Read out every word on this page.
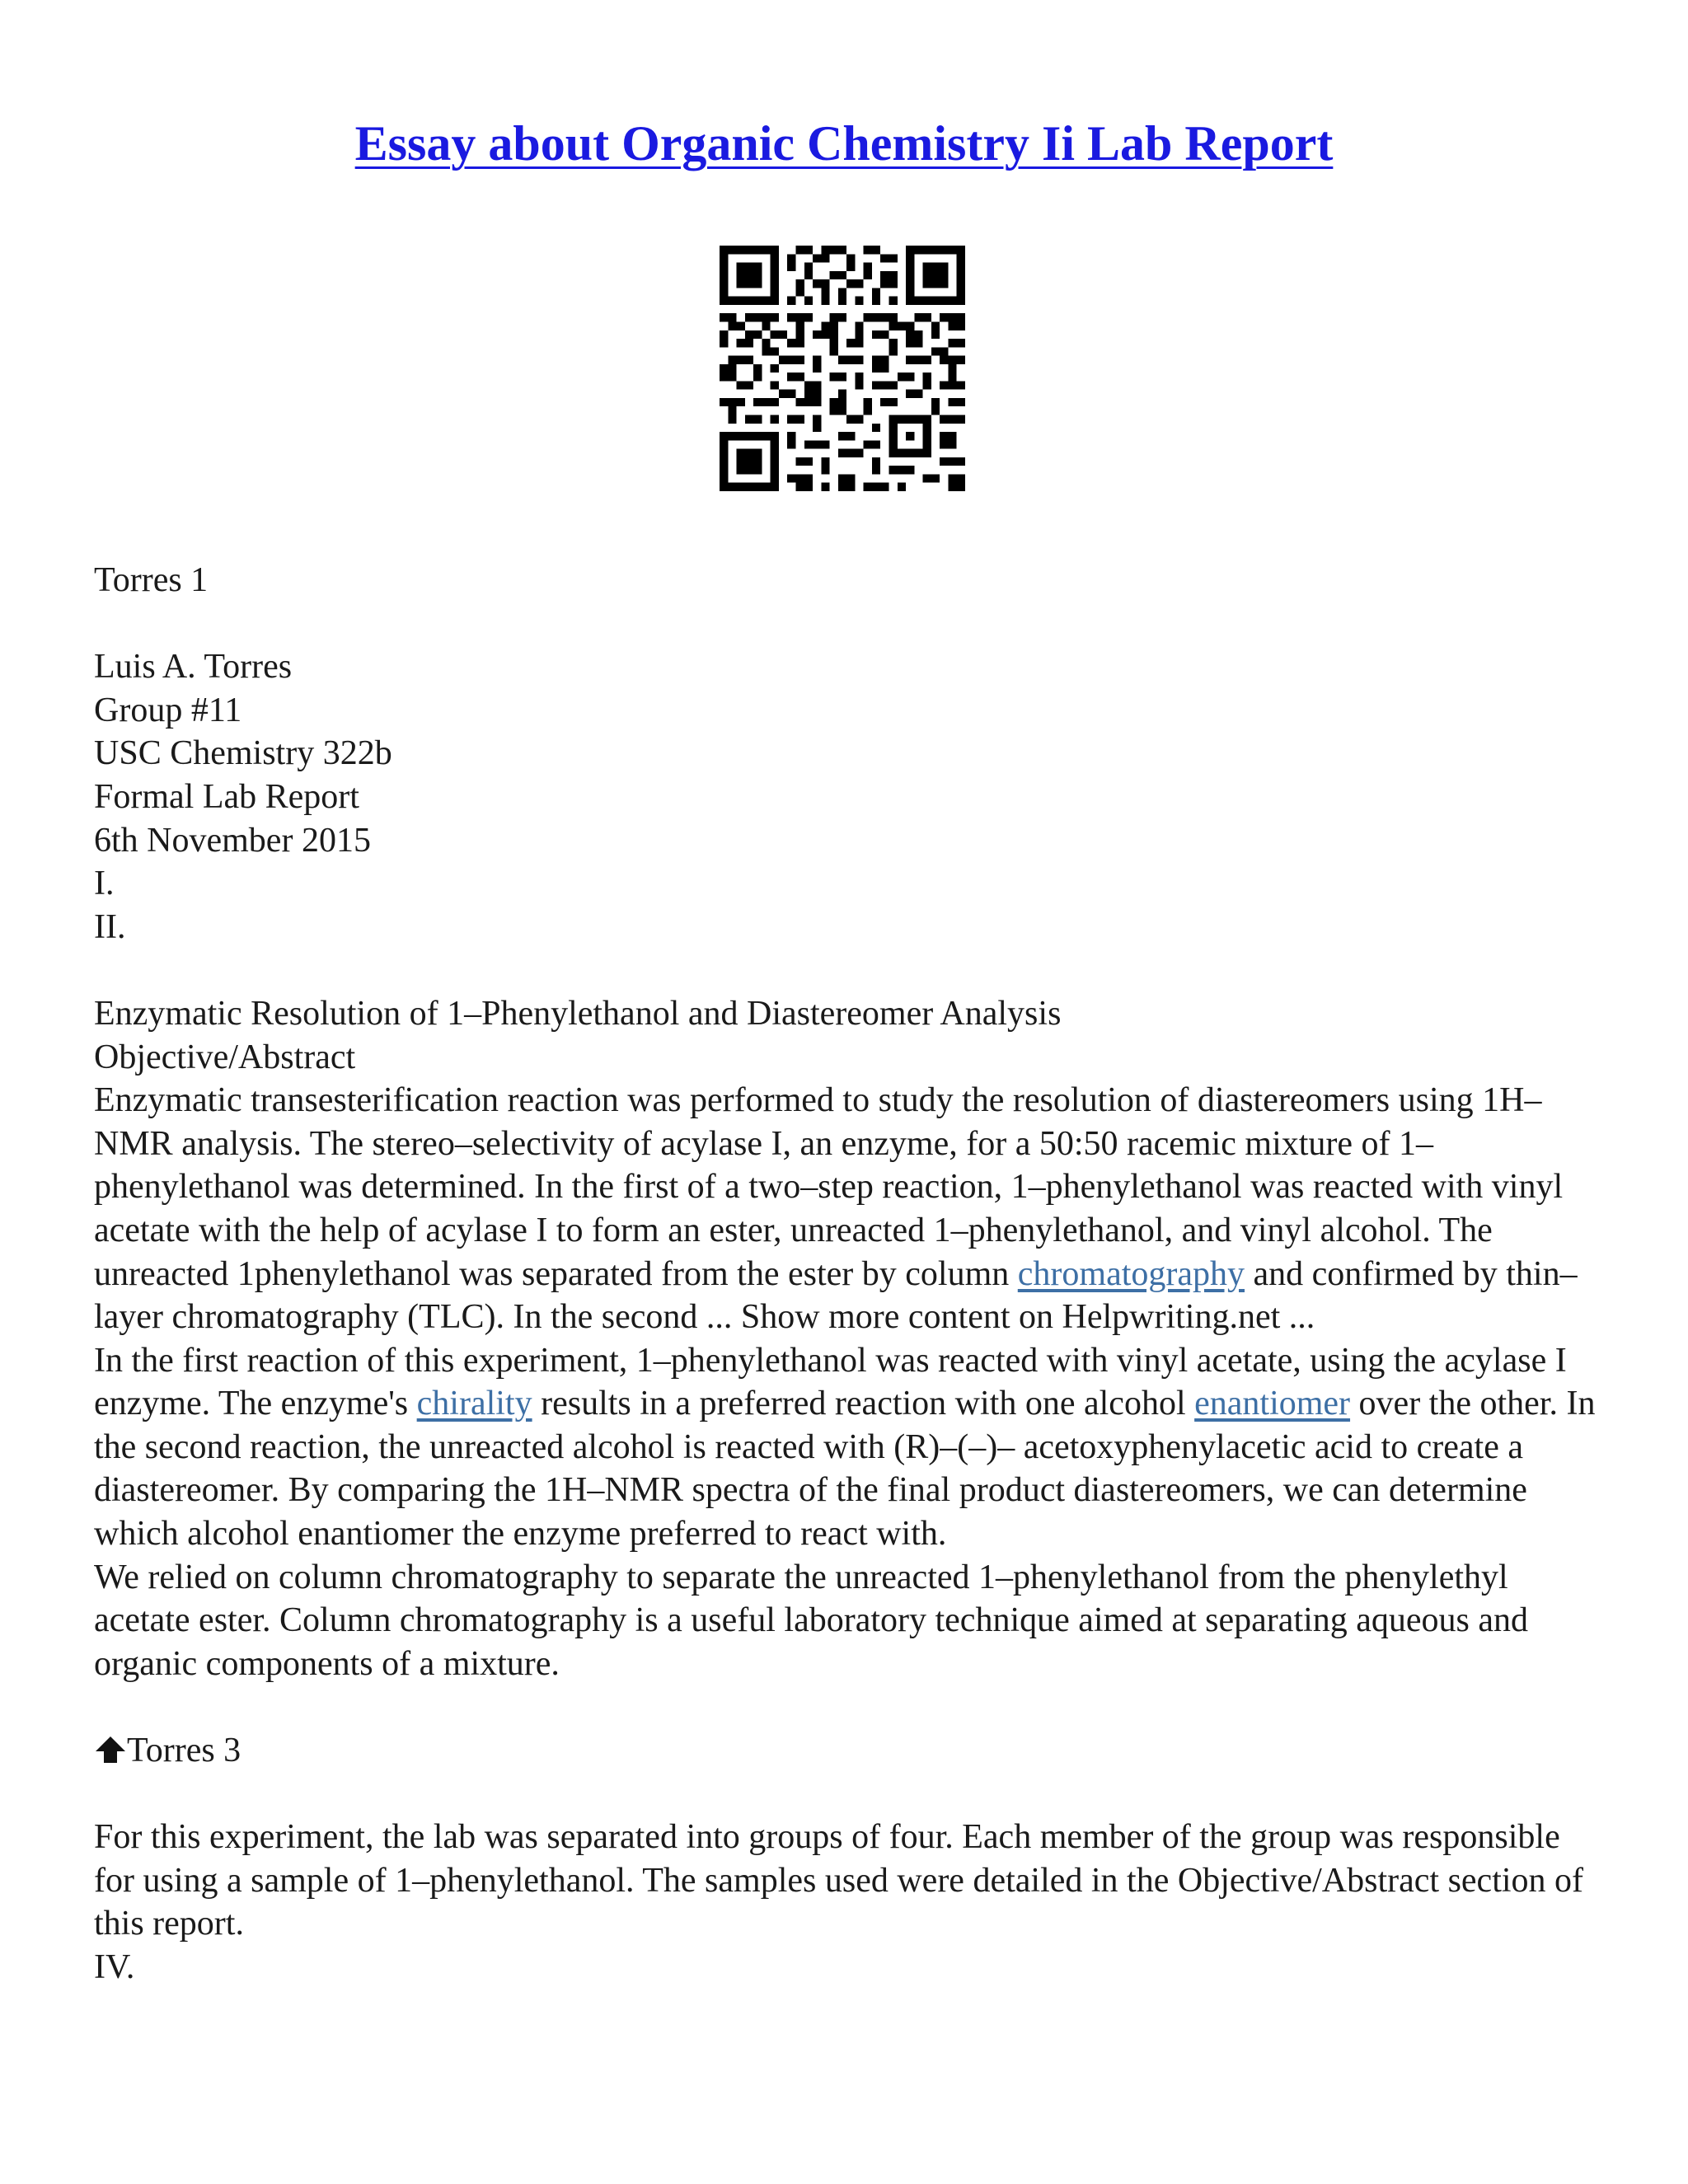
Essay about Organic Chemistry Ii Lab Report
Torres 1
Luis A. Torres
Group #11
USC Chemistry 322b
Formal Lab Report
6th November 2015
I.
II.
Enzymatic Resolution of 1–Phenylethanol and Diastereomer Analysis
Objective/Abstract
Enzymatic transesterification reaction was performed to study the resolution of diastereomers using 1H–NMR analysis. The stereo–selectivity of acylase I, an enzyme, for a 50:50 racemic mixture of 1–phenylethanol was determined. In the first of a two–step reaction, 1–phenylethanol was reacted with vinyl acetate with the help of acylase I to form an ester, unreacted 1–phenylethanol, and vinyl alcohol. The unreacted 1phenylethanol was separated from the ester by column chromatography and confirmed by thin–layer chromatography (TLC). In the second ... Show more content on Helpwriting.net ...
In the first reaction of this experiment, 1–phenylethanol was reacted with vinyl acetate, using the acylase I enzyme. The enzyme's chirality results in a preferred reaction with one alcohol enantiomer over the other. In the second reaction, the unreacted alcohol is reacted with (R)–(–)– acetoxyphenylacetic acid to create a diastereomer. By comparing the 1H–NMR spectra of the final product diastereomers, we can determine which alcohol enantiomer the enzyme preferred to react with.
We relied on column chromatography to separate the unreacted 1–phenylethanol from the phenylethyl acetate ester. Column chromatography is a useful laboratory technique aimed at separating aqueous and organic components of a mixture.
Torres 3
For this experiment, the lab was separated into groups of four. Each member of the group was responsible for using a sample of 1–phenylethanol. The samples used were detailed in the Objective/Abstract section of this report.
IV.
